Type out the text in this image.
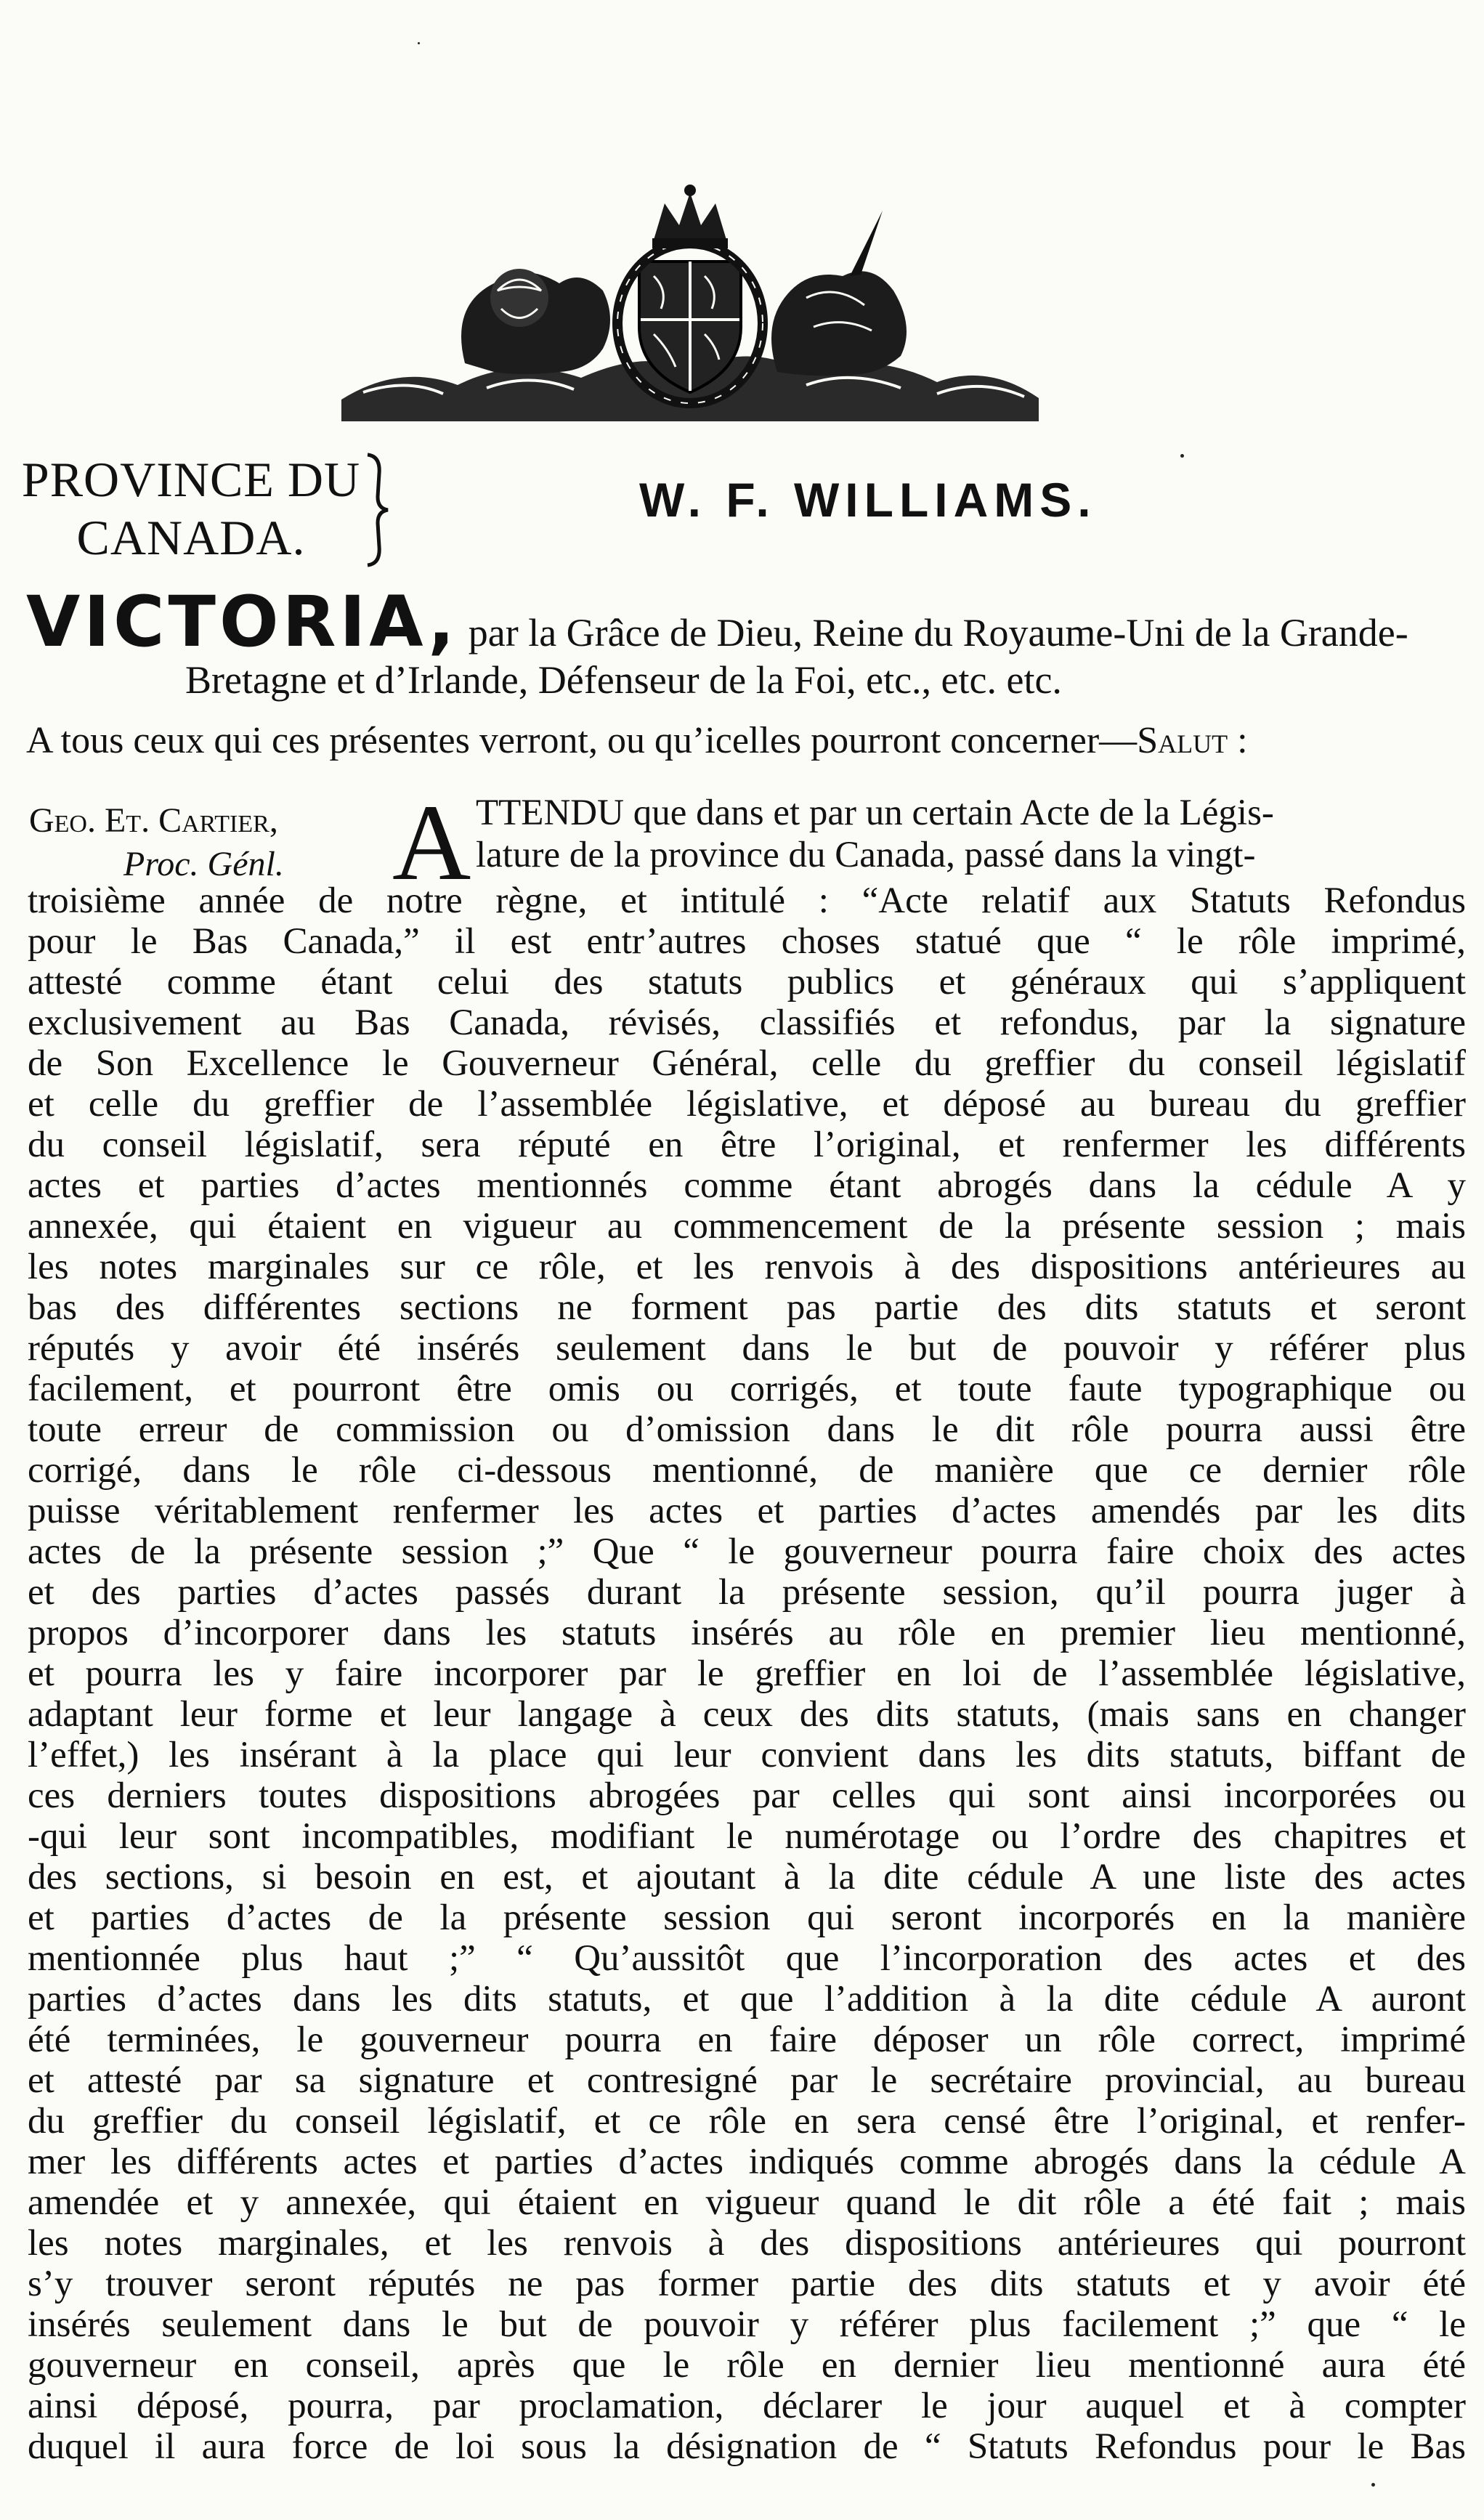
PROVINCE DU
CANADA.
W. F. WILLIAMS.
VICTORIA, par la Grâce de Dieu, Reine du Royaume-Uni de la Grande-
Bretagne et d’Irlande, Défenseur de la Foi, etc., etc. etc.
A tous ceux qui ces présentes verront, ou qu’icelles pourront concerner—Salut :
Geo. Et. Cartier,
Proc. Génl. A TTENDU que dans et par un certain Acte de la Légis-
lature de la province du Canada, passé dans la vingt-
troisième année de notre règne, et intitulé : “Acte relatif aux Statuts Refondus
pour le Bas Canada,” il est entr’autres choses statué que “ le rôle imprimé,
attesté comme étant celui des statuts publics et généraux qui s’appliquent
exclusivement au Bas Canada, révisés, classifiés et refondus, par la signature
de Son Excellence le Gouverneur Général, celle du greffier du conseil législatif
et celle du greffier de l’assemblée législative, et déposé au bureau du greffier
du conseil législatif, sera réputé en être l’original, et renfermer les différents
actes et parties d’actes mentionnés comme étant abrogés dans la cédule A y
annexée, qui étaient en vigueur au commencement de la présente session ; mais
les notes marginales sur ce rôle, et les renvois à des dispositions antérieures au
bas des différentes sections ne forment pas partie des dits statuts et seront
réputés y avoir été insérés seulement dans le but de pouvoir y référer plus
facilement, et pourront être omis ou corrigés, et toute faute typographique ou
toute erreur de commission ou d’omission dans le dit rôle pourra aussi être
corrigé, dans le rôle ci-dessous mentionné, de manière que ce dernier rôle
puisse véritablement renfermer les actes et parties d’actes amendés par les dits
actes de la présente session ;” Que “ le gouverneur pourra faire choix des actes
et des parties d’actes passés durant la présente session, qu’il pourra juger à
propos d’incorporer dans les statuts insérés au rôle en premier lieu mentionné,
et pourra les y faire incorporer par le greffier en loi de l’assemblée législative,
adaptant leur forme et leur langage à ceux des dits statuts, (mais sans en changer
l’effet,) les insérant à la place qui leur convient dans les dits statuts, biffant de
ces derniers toutes dispositions abrogées par celles qui sont ainsi incorporées ou
-qui leur sont incompatibles, modifiant le numérotage ou l’ordre des chapitres et
des sections, si besoin en est, et ajoutant à la dite cédule A une liste des actes
et parties d’actes de la présente session qui seront incorporés en la manière
mentionnée plus haut ;” “ Qu’aussitôt que l’incorporation des actes et des
parties d’actes dans les dits statuts, et que l’addition à la dite cédule A auront
été terminées, le gouverneur pourra en faire déposer un rôle correct, imprimé
et attesté par sa signature et contresigné par le secrétaire provincial, au bureau
du greffier du conseil législatif, et ce rôle en sera censé être l’original, et renfer-
mer les différents actes et parties d’actes indiqués comme abrogés dans la cédule A
amendée et y annexée, qui étaient en vigueur quand le dit rôle a été fait ; mais
les notes marginales, et les renvois à des dispositions antérieures qui pourront
s’y trouver seront réputés ne pas former partie des dits statuts et y avoir été
insérés seulement dans le but de pouvoir y référer plus facilement ;” que “ le
gouverneur en conseil, après que le rôle en dernier lieu mentionné aura été
ainsi déposé, pourra, par proclamation, déclarer le jour auquel et à compter
duquel il aura force de loi sous la désignation de “ Statuts Refondus pour le Bas
